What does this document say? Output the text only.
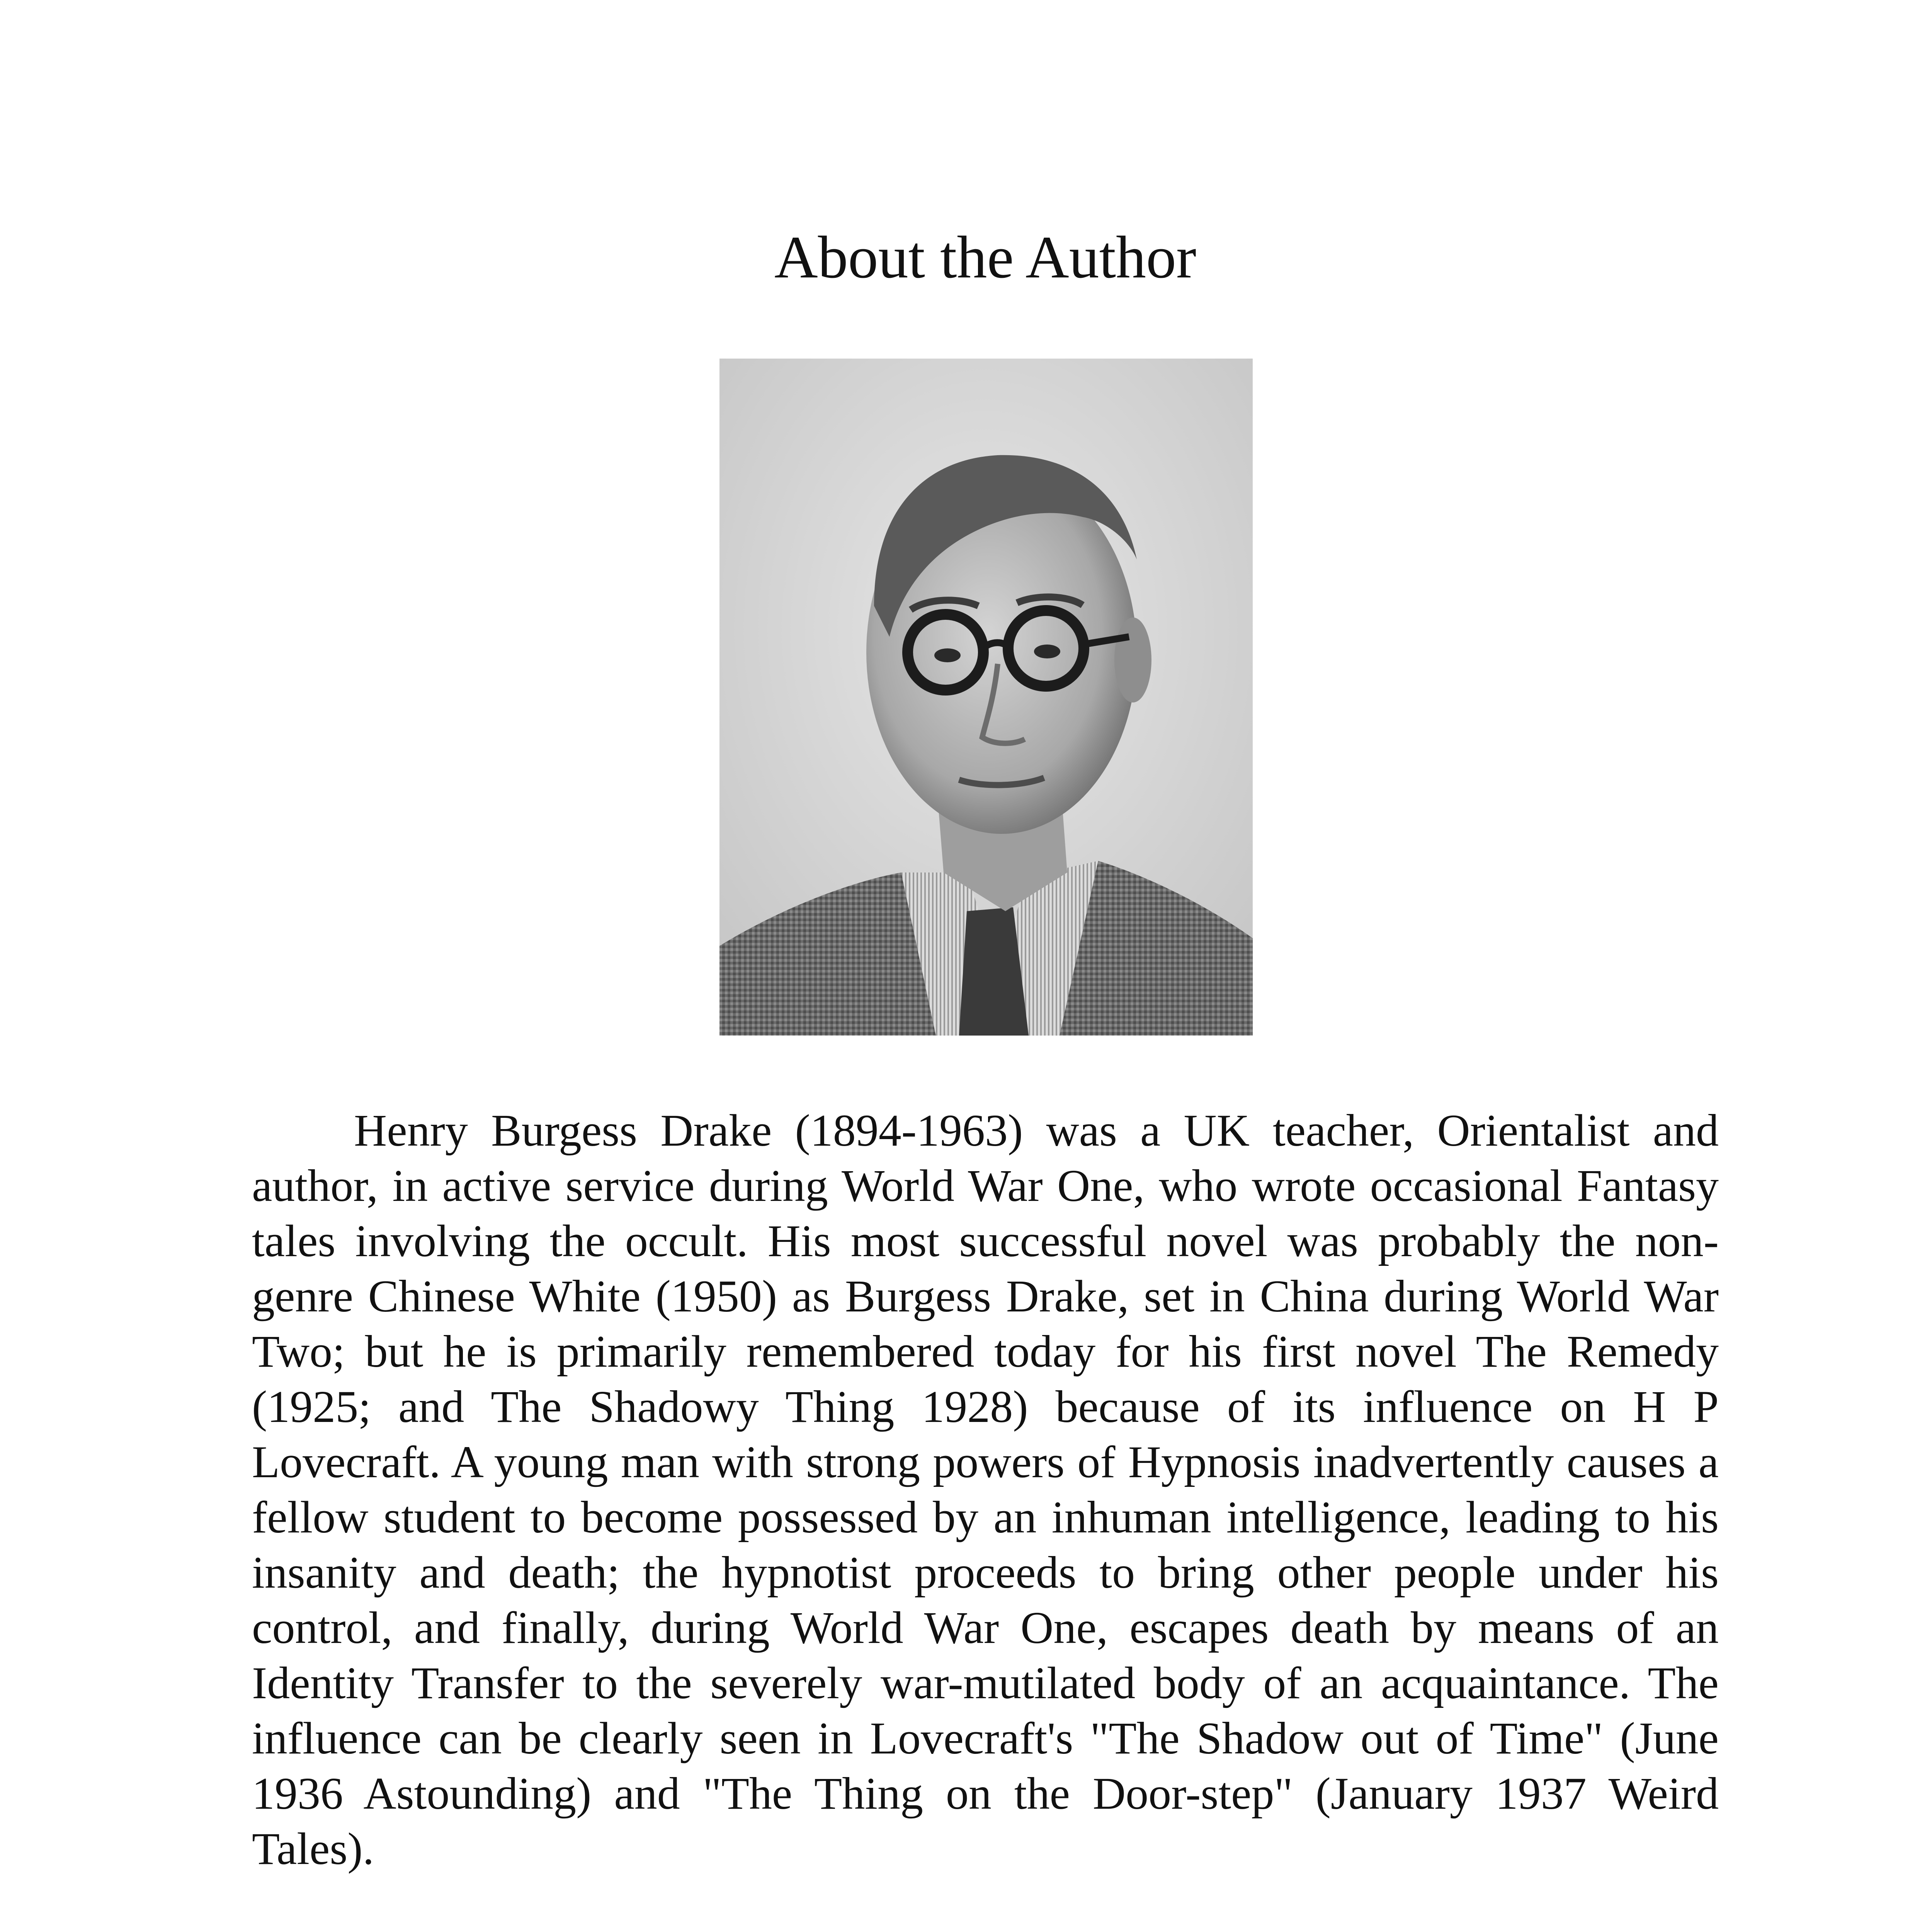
About the Author

Henry Burgess Drake (1894-1963) was a UK teacher, Orientalist and author, in active service during World War One, who wrote occasional Fantasy tales involving the occult. His most successful novel was probably the non-genre Chinese White (1950) as Burgess Drake, set in China during World War Two; but he is primarily remembered today for his first novel The Remedy (1925; and The Shadowy Thing 1928) because of its influence on H P Lovecraft. A young man with strong powers of Hypnosis inadvertently causes a fellow student to become possessed by an inhuman intelligence, leading to his insanity and death; the hypnotist proceeds to bring other people under his control, and finally, during World War One, escapes death by means of an Identity Transfer to the severely war-mutilated body of an acquaintance. The influence can be clearly seen in Lovecraft's "The Shadow out of Time" (June 1936 Astounding) and "The Thing on the Door-step" (January 1937 Weird Tales).
